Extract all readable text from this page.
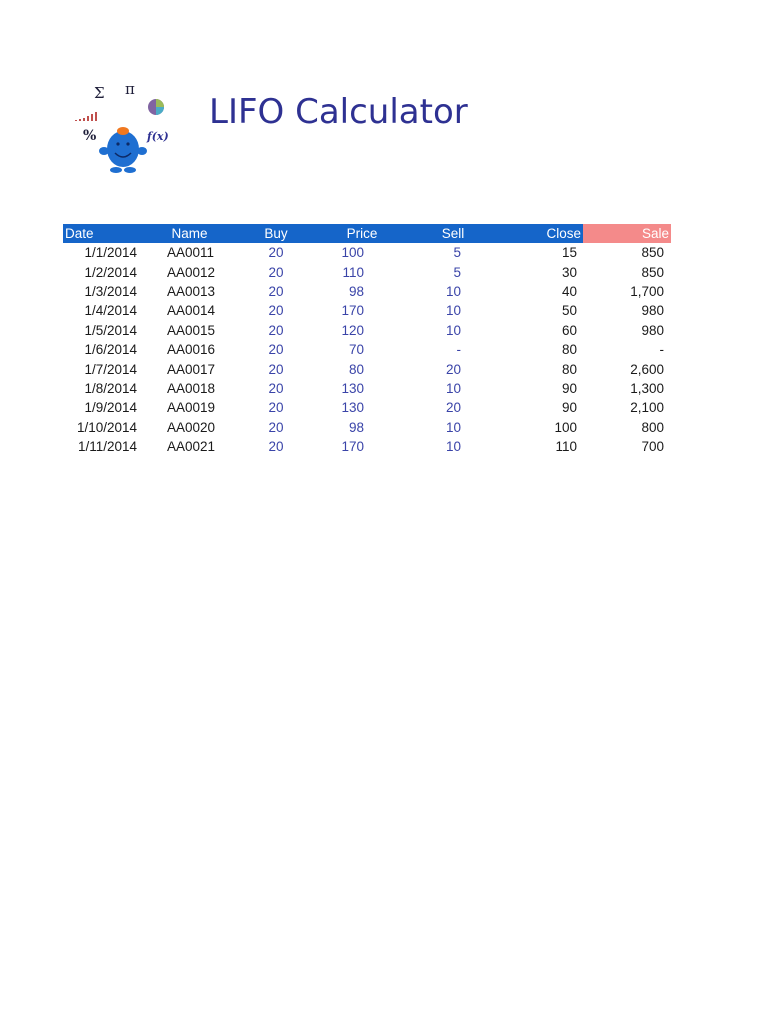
Σ π
%	f(x)
LIFO Calculator
Date	Name	Buy	Price	Sell	Close	Sale
1/1/2014	AA0011	20	100	5	15	850
1/2/2014	AA0012	20	110	5	30	850
1/3/2014	AA0013	20	98	10	40	1,700
1/4/2014	AA0014	20	170	10	50	980
1/5/2014	AA0015	20	120	10	60	980
1/6/2014	AA0016	20	70	-	80	-
1/7/2014	AA0017	20	80	20	80	2,600
1/8/2014	AA0018	20	130	10	90	1,300
1/9/2014	AA0019	20	130	20	90	2,100
1/10/2014	AA0020	20	98	10	100	800
1/11/2014	AA0021	20	170	10	110	700
